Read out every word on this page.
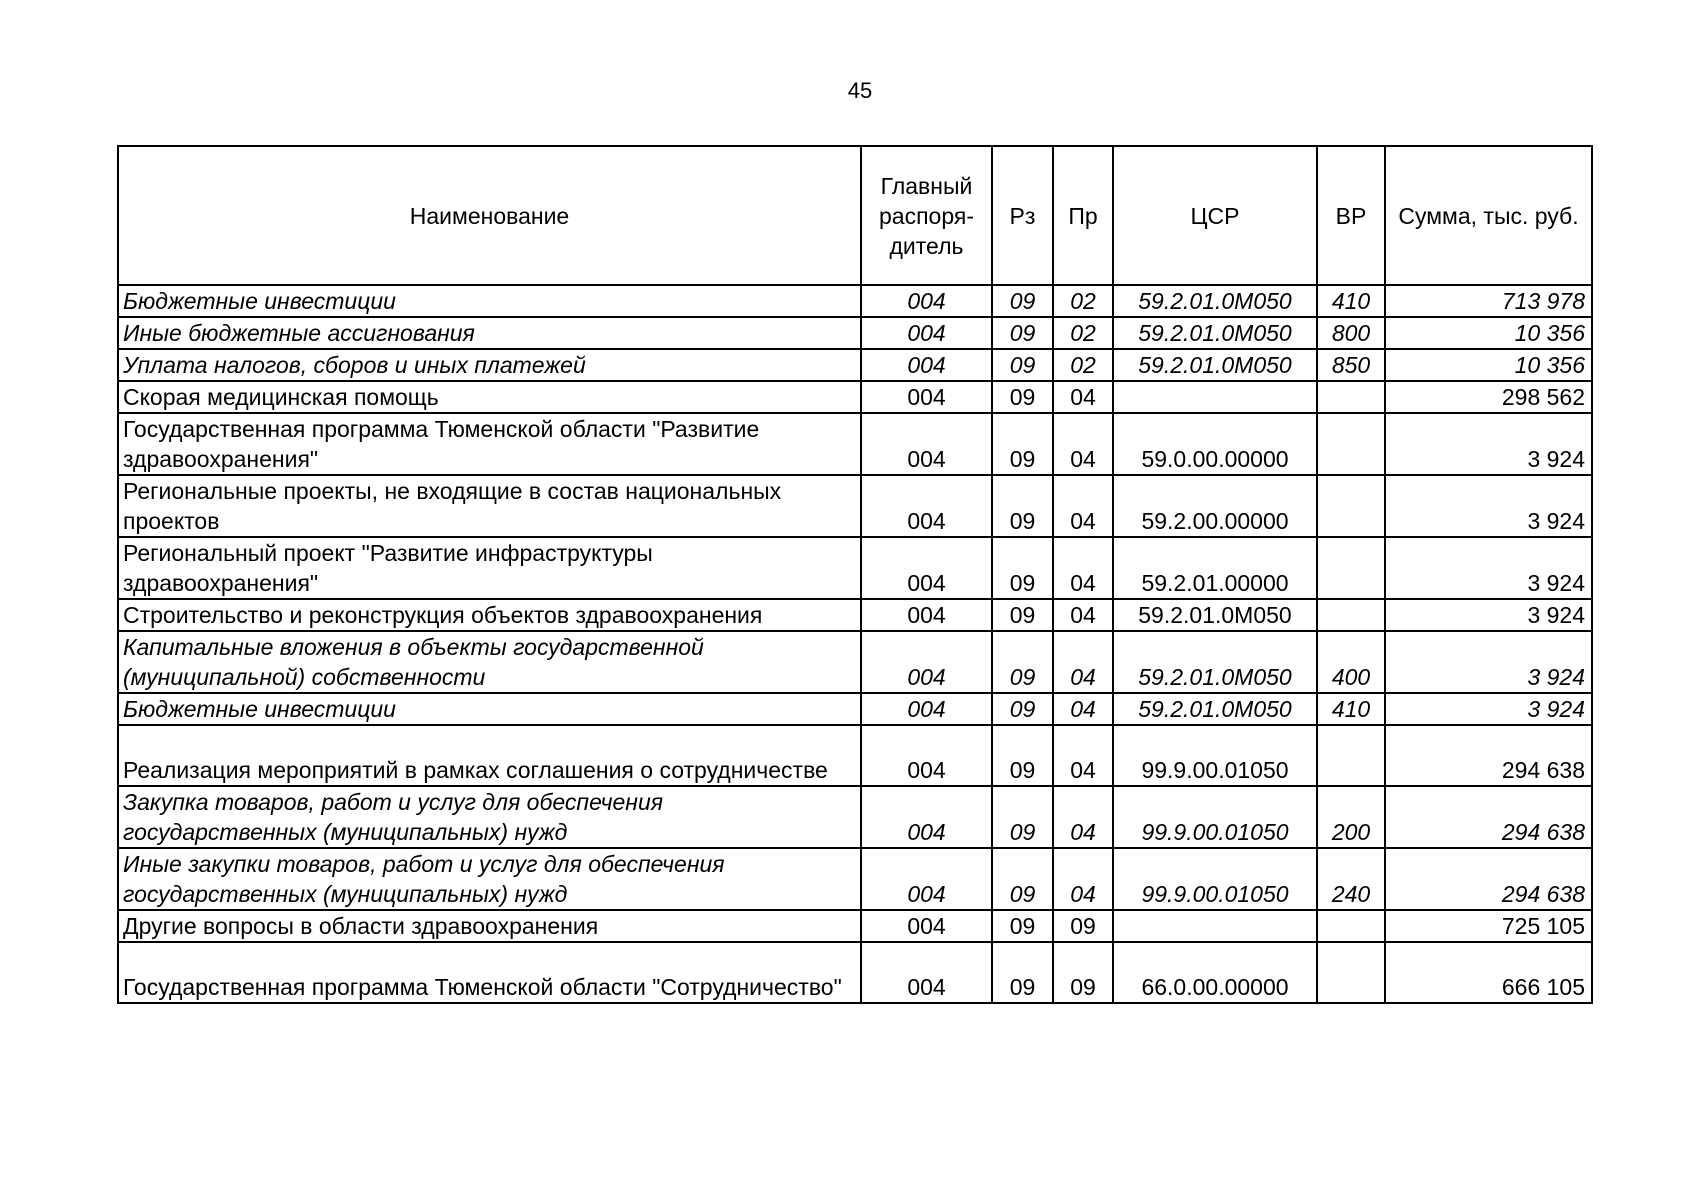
45
Наименование	Главный распоря-дитель	Рз	Пр	ЦСР	ВР	Сумма, тыс. руб.
Бюджетные инвестиции	004	09	02	59.2.01.0M050	410	713 978
Иные бюджетные ассигнования	004	09	02	59.2.01.0M050	800	10 356
Уплата налогов, сборов и иных платежей	004	09	02	59.2.01.0M050	850	10 356
Скорая медицинская помощь	004	09	04			298 562
Государственная программа Тюменской области "Развитие здравоохранения"	004	09	04	59.0.00.00000		3 924
Региональные проекты, не входящие в состав национальных проектов	004	09	04	59.2.00.00000		3 924
Региональный проект "Развитие инфраструктуры здравоохранения"	004	09	04	59.2.01.00000		3 924
Строительство и реконструкция объектов здравоохранения	004	09	04	59.2.01.0M050		3 924
Капитальные вложения в объекты государственной (муниципальной) собственности	004	09	04	59.2.01.0M050	400	3 924
Бюджетные инвестиции	004	09	04	59.2.01.0M050	410	3 924
Реализация мероприятий в рамках соглашения о сотрудничестве	004	09	04	99.9.00.01050		294 638
Закупка товаров, работ и услуг для обеспечения государственных (муниципальных) нужд	004	09	04	99.9.00.01050	200	294 638
Иные закупки товаров, работ и услуг для обеспечения государственных (муниципальных) нужд	004	09	04	99.9.00.01050	240	294 638
Другие вопросы в области здравоохранения	004	09	09			725 105
Государственная программа Тюменской области "Сотрудничество"	004	09	09	66.0.00.00000		666 105
